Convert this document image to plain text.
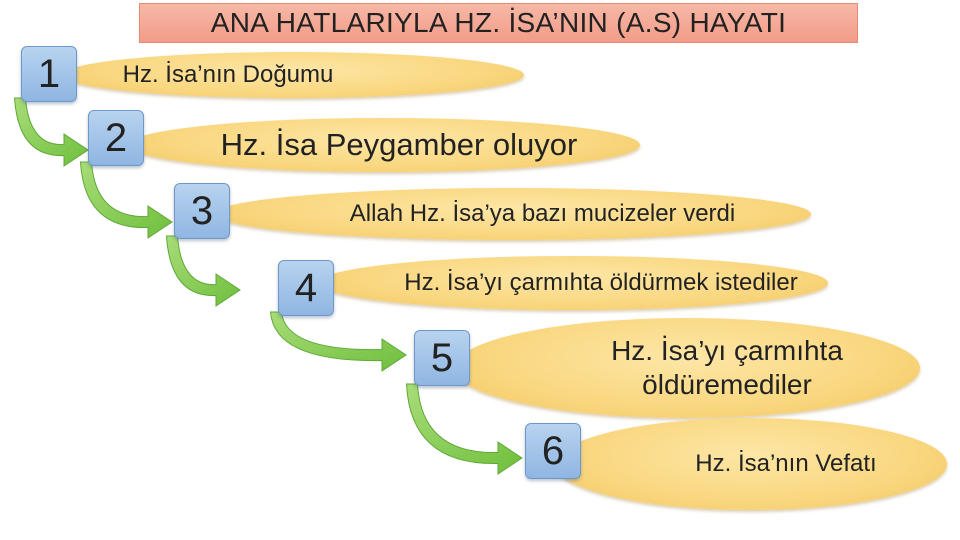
ANA HATLARIYLA HZ. İSA’NIN (A.S) HAYATI
Hz. İsa’nın Doğumu
1
Hz. İsa Peygamber oluyor
2
Allah Hz. İsa’ya bazı mucizeler verdi
3
Hz. İsa’yı çarmıhta öldürmek istediler
4
Hz. İsa’yı çarmıhta öldüremediler
5
Hz. İsa’nın Vefatı
6
